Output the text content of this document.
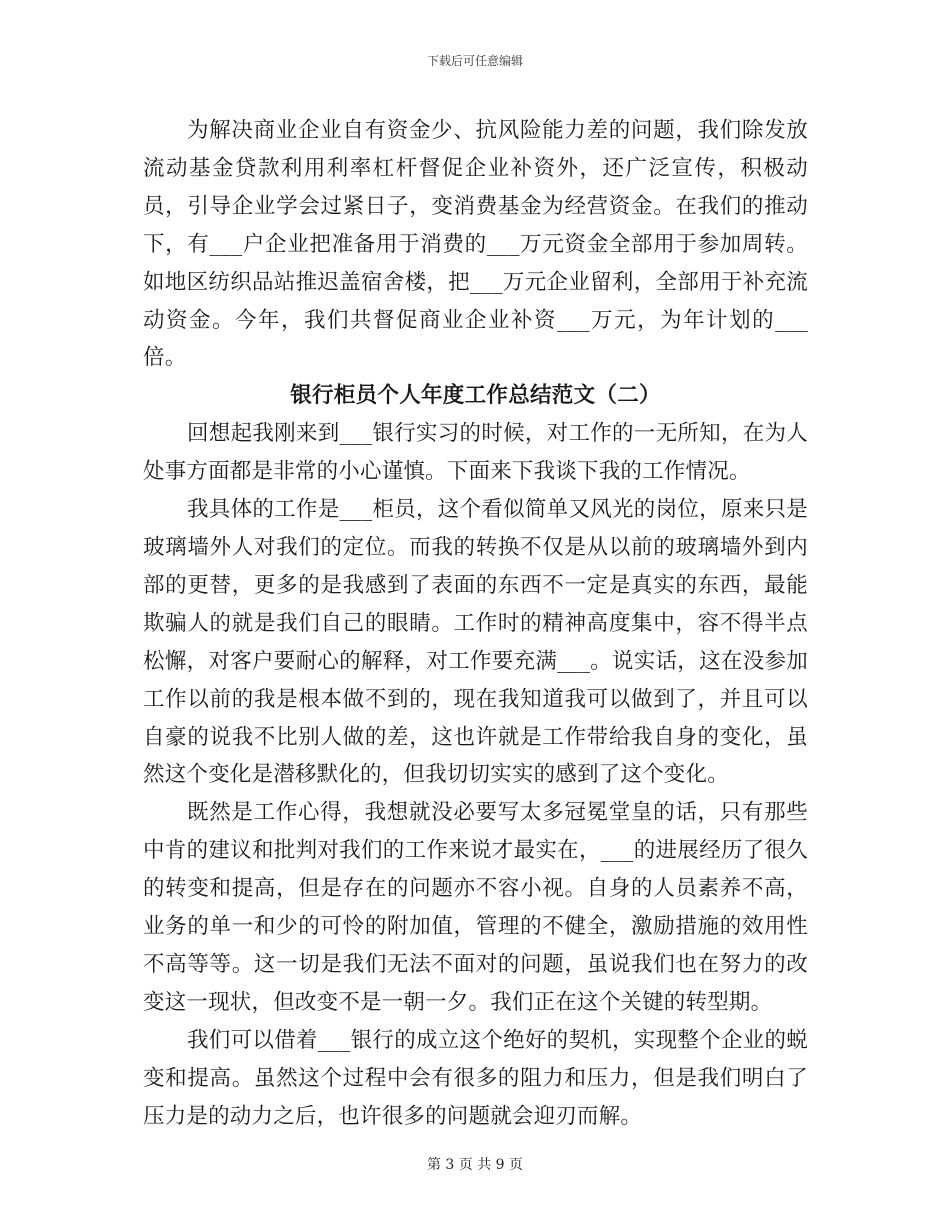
下载后可任意编辑

为解决商业企业自有资金少、抗风险能力差的问题，我们除发放流动基金贷款利用利率杠杆督促企业补资外，还广泛宣传，积极动员，引导企业学会过紧日子，变消费基金为经营资金。在我们的推动下，有___户企业把准备用于消费的___万元资金全部用于参加周转。如地区纺织品站推迟盖宿舍楼，把___万元企业留利，全部用于补充流动资金。今年，我们共督促商业企业补资___万元，为年计划的___倍。

银行柜员个人年度工作总结范文（二）

回想起我刚来到___银行实习的时候，对工作的一无所知，在为人处事方面都是非常的小心谨慎。下面来下我谈下我的工作情况。

我具体的工作是___柜员，这个看似简单又风光的岗位，原来只是玻璃墙外人对我们的定位。而我的转换不仅是从以前的玻璃墙外到内部的更替，更多的是我感到了表面的东西不一定是真实的东西，最能欺骗人的就是我们自己的眼睛。工作时的精神高度集中，容不得半点松懈，对客户要耐心的解释，对工作要充满___。说实话，这在没参加工作以前的我是根本做不到的，现在我知道我可以做到了，并且可以自豪的说我不比别人做的差，这也许就是工作带给我自身的变化，虽然这个变化是潜移默化的，但我切切实实的感到了这个变化。

既然是工作心得，我想就没必要写太多冠冕堂皇的话，只有那些中肯的建议和批判对我们的工作来说才最实在，___的进展经历了很久的转变和提高，但是存在的问题亦不容小视。自身的人员素养不高，业务的单一和少的可怜的附加值，管理的不健全，激励措施的效用性不高等等。这一切是我们无法不面对的问题，虽说我们也在努力的改变这一现状，但改变不是一朝一夕。我们正在这个关键的转型期。

我们可以借着___银行的成立这个绝好的契机，实现整个企业的蜕变和提高。虽然这个过程中会有很多的阻力和压力，但是我们明白了压力是的动力之后，也许很多的问题就会迎刃而解。

第 3 页 共 9 页
